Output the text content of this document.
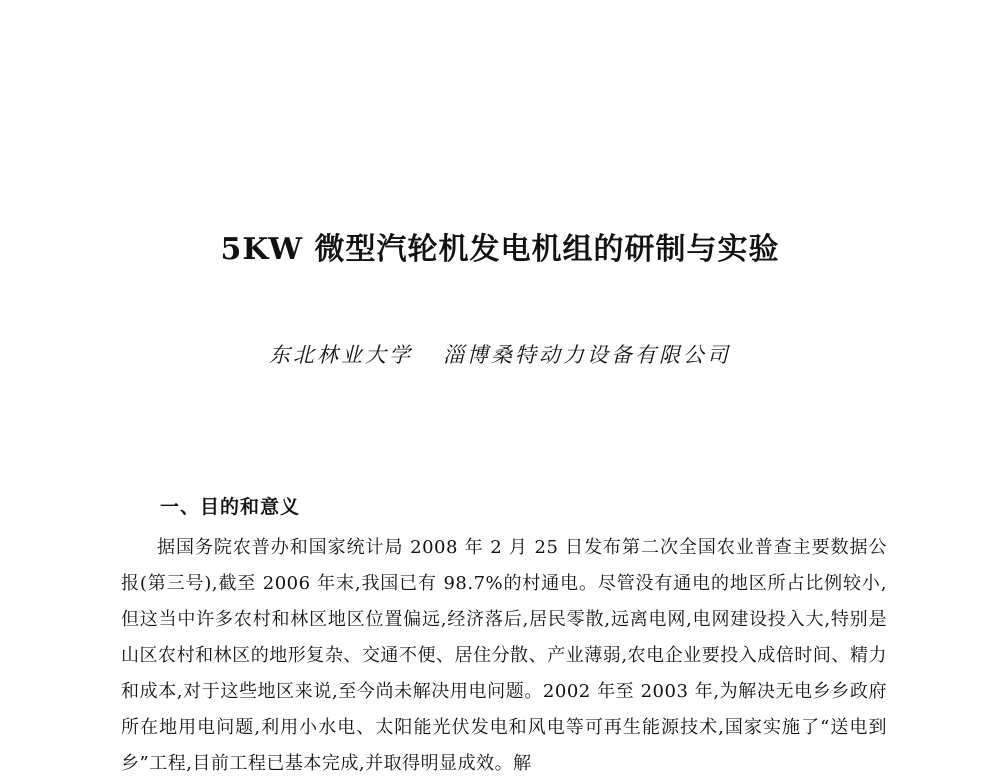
5KW 微型汽轮机发电机组的研制与实验
东北林业大学 淄博桑特动力设备有限公司
一、目的和意义

据国务院农普办和国家统计局 2008 年 2 月 25 日发布第二次全国农业普查主要数据公报(第三号),截至 2006 年末,我国已有 98.7%的村通电。尽管没有通电的地区所占比例较小,但这当中许多农村和林区地区位置偏远,经济落后,居民零散,远离电网,电网建设投入大,特别是山区农村和林区的地形复杂、交通不便、居住分散、产业薄弱,农电企业要投入成倍时间、精力和成本,对于这些地区来说,至今尚未解决用电问题。2002 年至 2003 年,为解决无电乡乡政府所在地用电问题,利用小水电、太阳能光伏发电和风电等可再生能源技术,国家实施了“送电到乡”工程,目前工程已基本完成,并取得明显成效。解
